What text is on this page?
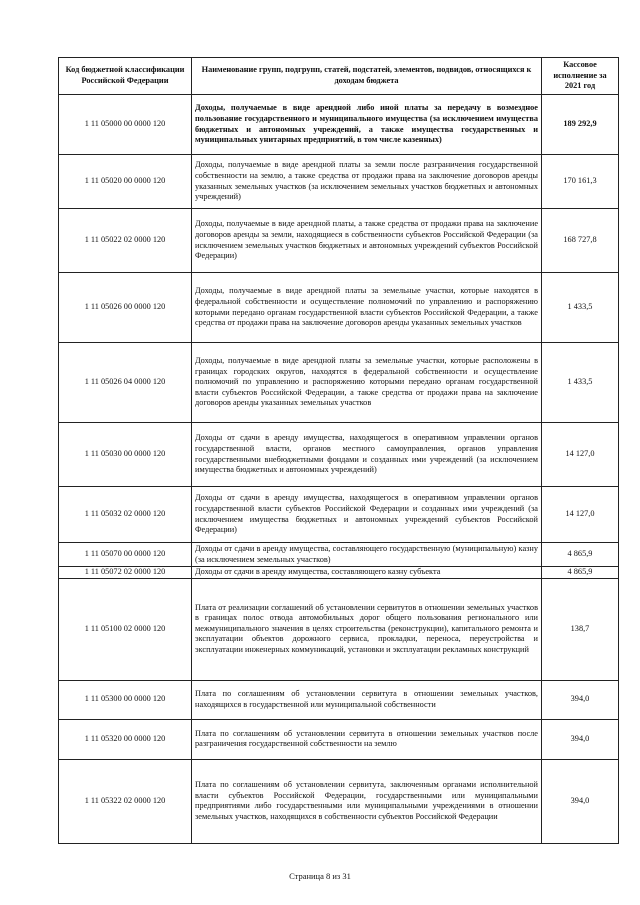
Код бюджетной классификации Российской Федерации	Наименование групп, подгрупп, статей, подстатей, элементов, подвидов, относящихся к доходам бюджета	Кассовое исполнение за 2021 год
1 11 05000 00 0000 120	Доходы, получаемые в виде арендной либо иной платы за передачу в возмездное пользование государственного и муниципального имущества (за исключением имущества бюджетных и автономных учреждений, а также имущества государственных и муниципальных унитарных предприятий, в том числе казенных)	189 292,9
1 11 05020 00 0000 120	Доходы, получаемые в виде арендной платы за земли после разграничения государственной собственности на землю, а также средства от продажи права на заключение договоров аренды указанных земельных участков (за исключением земельных участков бюджетных и автономных учреждений)	170 161,3
1 11 05022 02 0000 120	Доходы, получаемые в виде арендной платы, а также средства от продажи права на заключение договоров аренды за земли, находящиеся в собственности субъектов Российской Федерации (за исключением земельных участков бюджетных и автономных учреждений субъектов Российской Федерации)	168 727,8
1 11 05026 00 0000 120	Доходы, получаемые в виде арендной платы за земельные участки, которые находятся в федеральной собственности и осуществление полномочий по управлению и распоряжению которыми передано органам государственной власти субъектов Российской Федерации, а также средства от продажи права на заключение договоров аренды указанных земельных участков	1 433,5
1 11 05026 04 0000 120	Доходы, получаемые в виде арендной платы за земельные участки, которые расположены в границах городских округов, находятся в федеральной собственности и осуществление полномочий по управлению и распоряжению которыми передано органам государственной власти субъектов Российской Федерации, а также средства от продажи права на заключение договоров аренды указанных земельных участков	1 433,5
1 11 05030 00 0000 120	Доходы от сдачи в аренду имущества, находящегося в оперативном управлении органов государственной власти, органов местного самоуправления, органов управления государственными внебюджетными фондами и созданных ими учреждений (за исключением имущества бюджетных и автономных учреждений)	14 127,0
1 11 05032 02 0000 120	Доходы от сдачи в аренду имущества, находящегося в оперативном управлении органов государственной власти субъектов Российской Федерации и созданных ими учреждений (за исключением имущества бюджетных и автономных учреждений субъектов Российской Федерации)	14 127,0
1 11 05070 00 0000 120	Доходы от сдачи в аренду имущества, составляющего государственную (муниципальную) казну (за исключением земельных участков)	4 865,9
1 11 05072 02 0000 120	Доходы от сдачи в аренду имущества, составляющего казну субъекта	4 865,9
1 11 05100 02 0000 120	Плата от реализации соглашений об установлении сервитутов в отношении земельных участков в границах полос отвода автомобильных дорог общего пользования регионального или межмуниципального значения в целях строительства (реконструкции), капитального ремонта и эксплуатации объектов дорожного сервиса, прокладки, переноса, переустройства и эксплуатации инженерных коммуникаций, установки и эксплуатации рекламных конструкций	138,7
1 11 05300 00 0000 120	Плата по соглашениям об установлении сервитута в отношении земельных участков, находящихся в государственной или муниципальной собственности	394,0
1 11 05320 00 0000 120	Плата по соглашениям об установлении сервитута в отношении земельных участков после разграничения государственной собственности на землю	394,0
1 11 05322 02 0000 120	Плата по соглашениям об установлении сервитута, заключенным органами исполнительной власти субъектов Российской Федерации, государственными или муниципальными предприятиями либо государственными или муниципальными учреждениями в отношении земельных участков, находящихся в собственности субъектов Российской Федерации	394,0
Страница 8 из 31
